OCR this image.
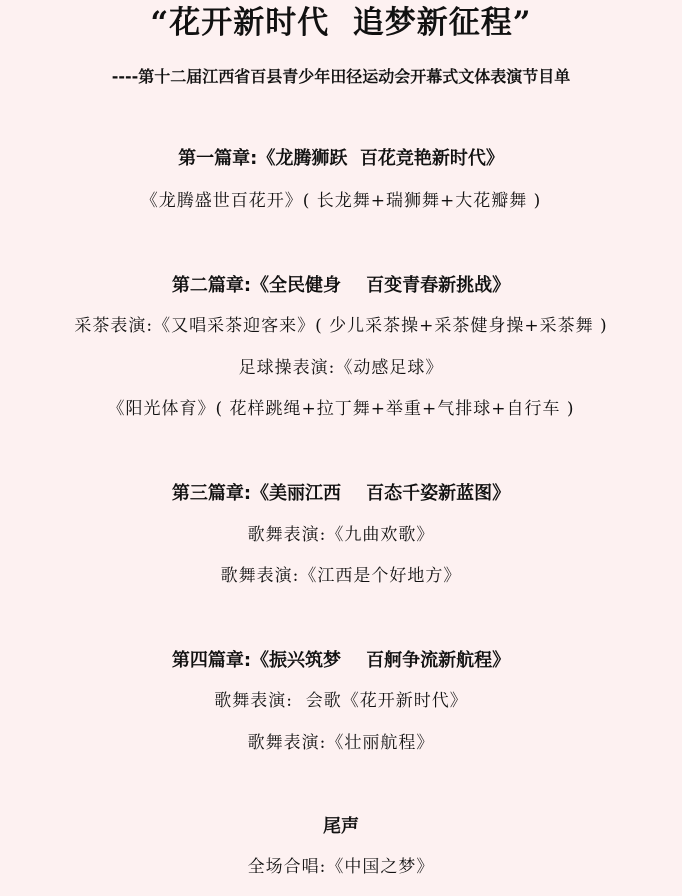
“花开新时代  追梦新征程”
----第十二届江西省百县青少年田径运动会开幕式文体表演节目单
第一篇章:《龙腾狮跃  百花竞艳新时代》
《龙腾盛世百花开》( 长龙舞+瑞狮舞+大花瓣舞 )
第二篇章:《全民健身    百变青春新挑战》
采茶表演:《又唱采茶迎客来》( 少儿采茶操+采茶健身操+采茶舞 )
足球操表演:《动感足球》
《阳光体育》( 花样跳绳+拉丁舞+举重+气排球+自行车 )
第三篇章:《美丽江西    百态千姿新蓝图》
歌舞表演:《九曲欢歌》
歌舞表演:《江西是个好地方》
第四篇章:《振兴筑梦    百舸争流新航程》
歌舞表演:  会歌《花开新时代》
歌舞表演:《壮丽航程》
尾声
全场合唱:《中国之梦》
